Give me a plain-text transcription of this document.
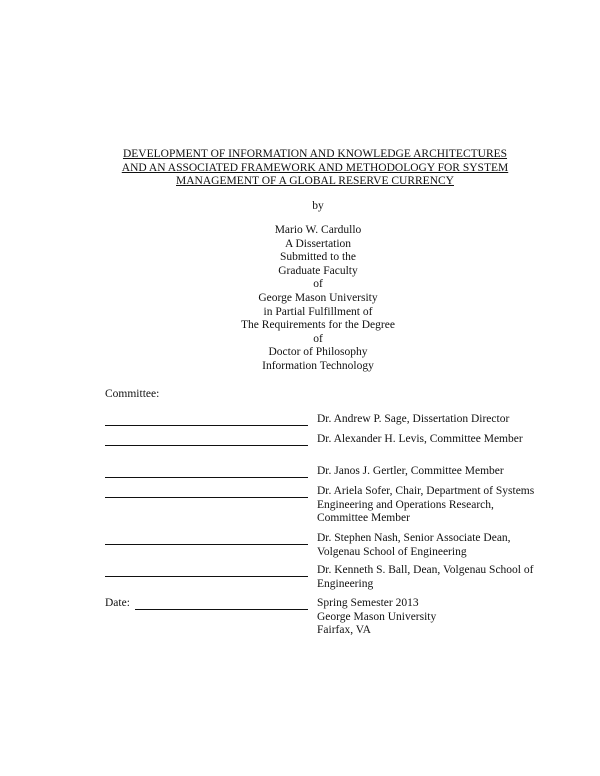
DEVELOPMENT OF INFORMATION AND KNOWLEDGE ARCHITECTURES
AND AN ASSOCIATED FRAMEWORK AND METHODOLOGY FOR SYSTEM
MANAGEMENT OF A GLOBAL RESERVE CURRENCY
by
Mario W. Cardullo
A Dissertation
Submitted to the
Graduate Faculty
of
George Mason University
in Partial Fulfillment of
The Requirements for the Degree
of
Doctor of Philosophy
Information Technology
Committee:
Dr. Andrew P. Sage, Dissertation Director
Dr. Alexander H. Levis, Committee Member
Dr. Janos J. Gertler, Committee Member
Dr. Ariela Sofer, Chair, Department of Systems Engineering and Operations Research, Committee Member
Dr. Stephen Nash, Senior Associate Dean, Volgenau School of Engineering
Dr. Kenneth S. Ball, Dean, Volgenau School of Engineering
Date:	Spring Semester 2013
George Mason University
Fairfax, VA
